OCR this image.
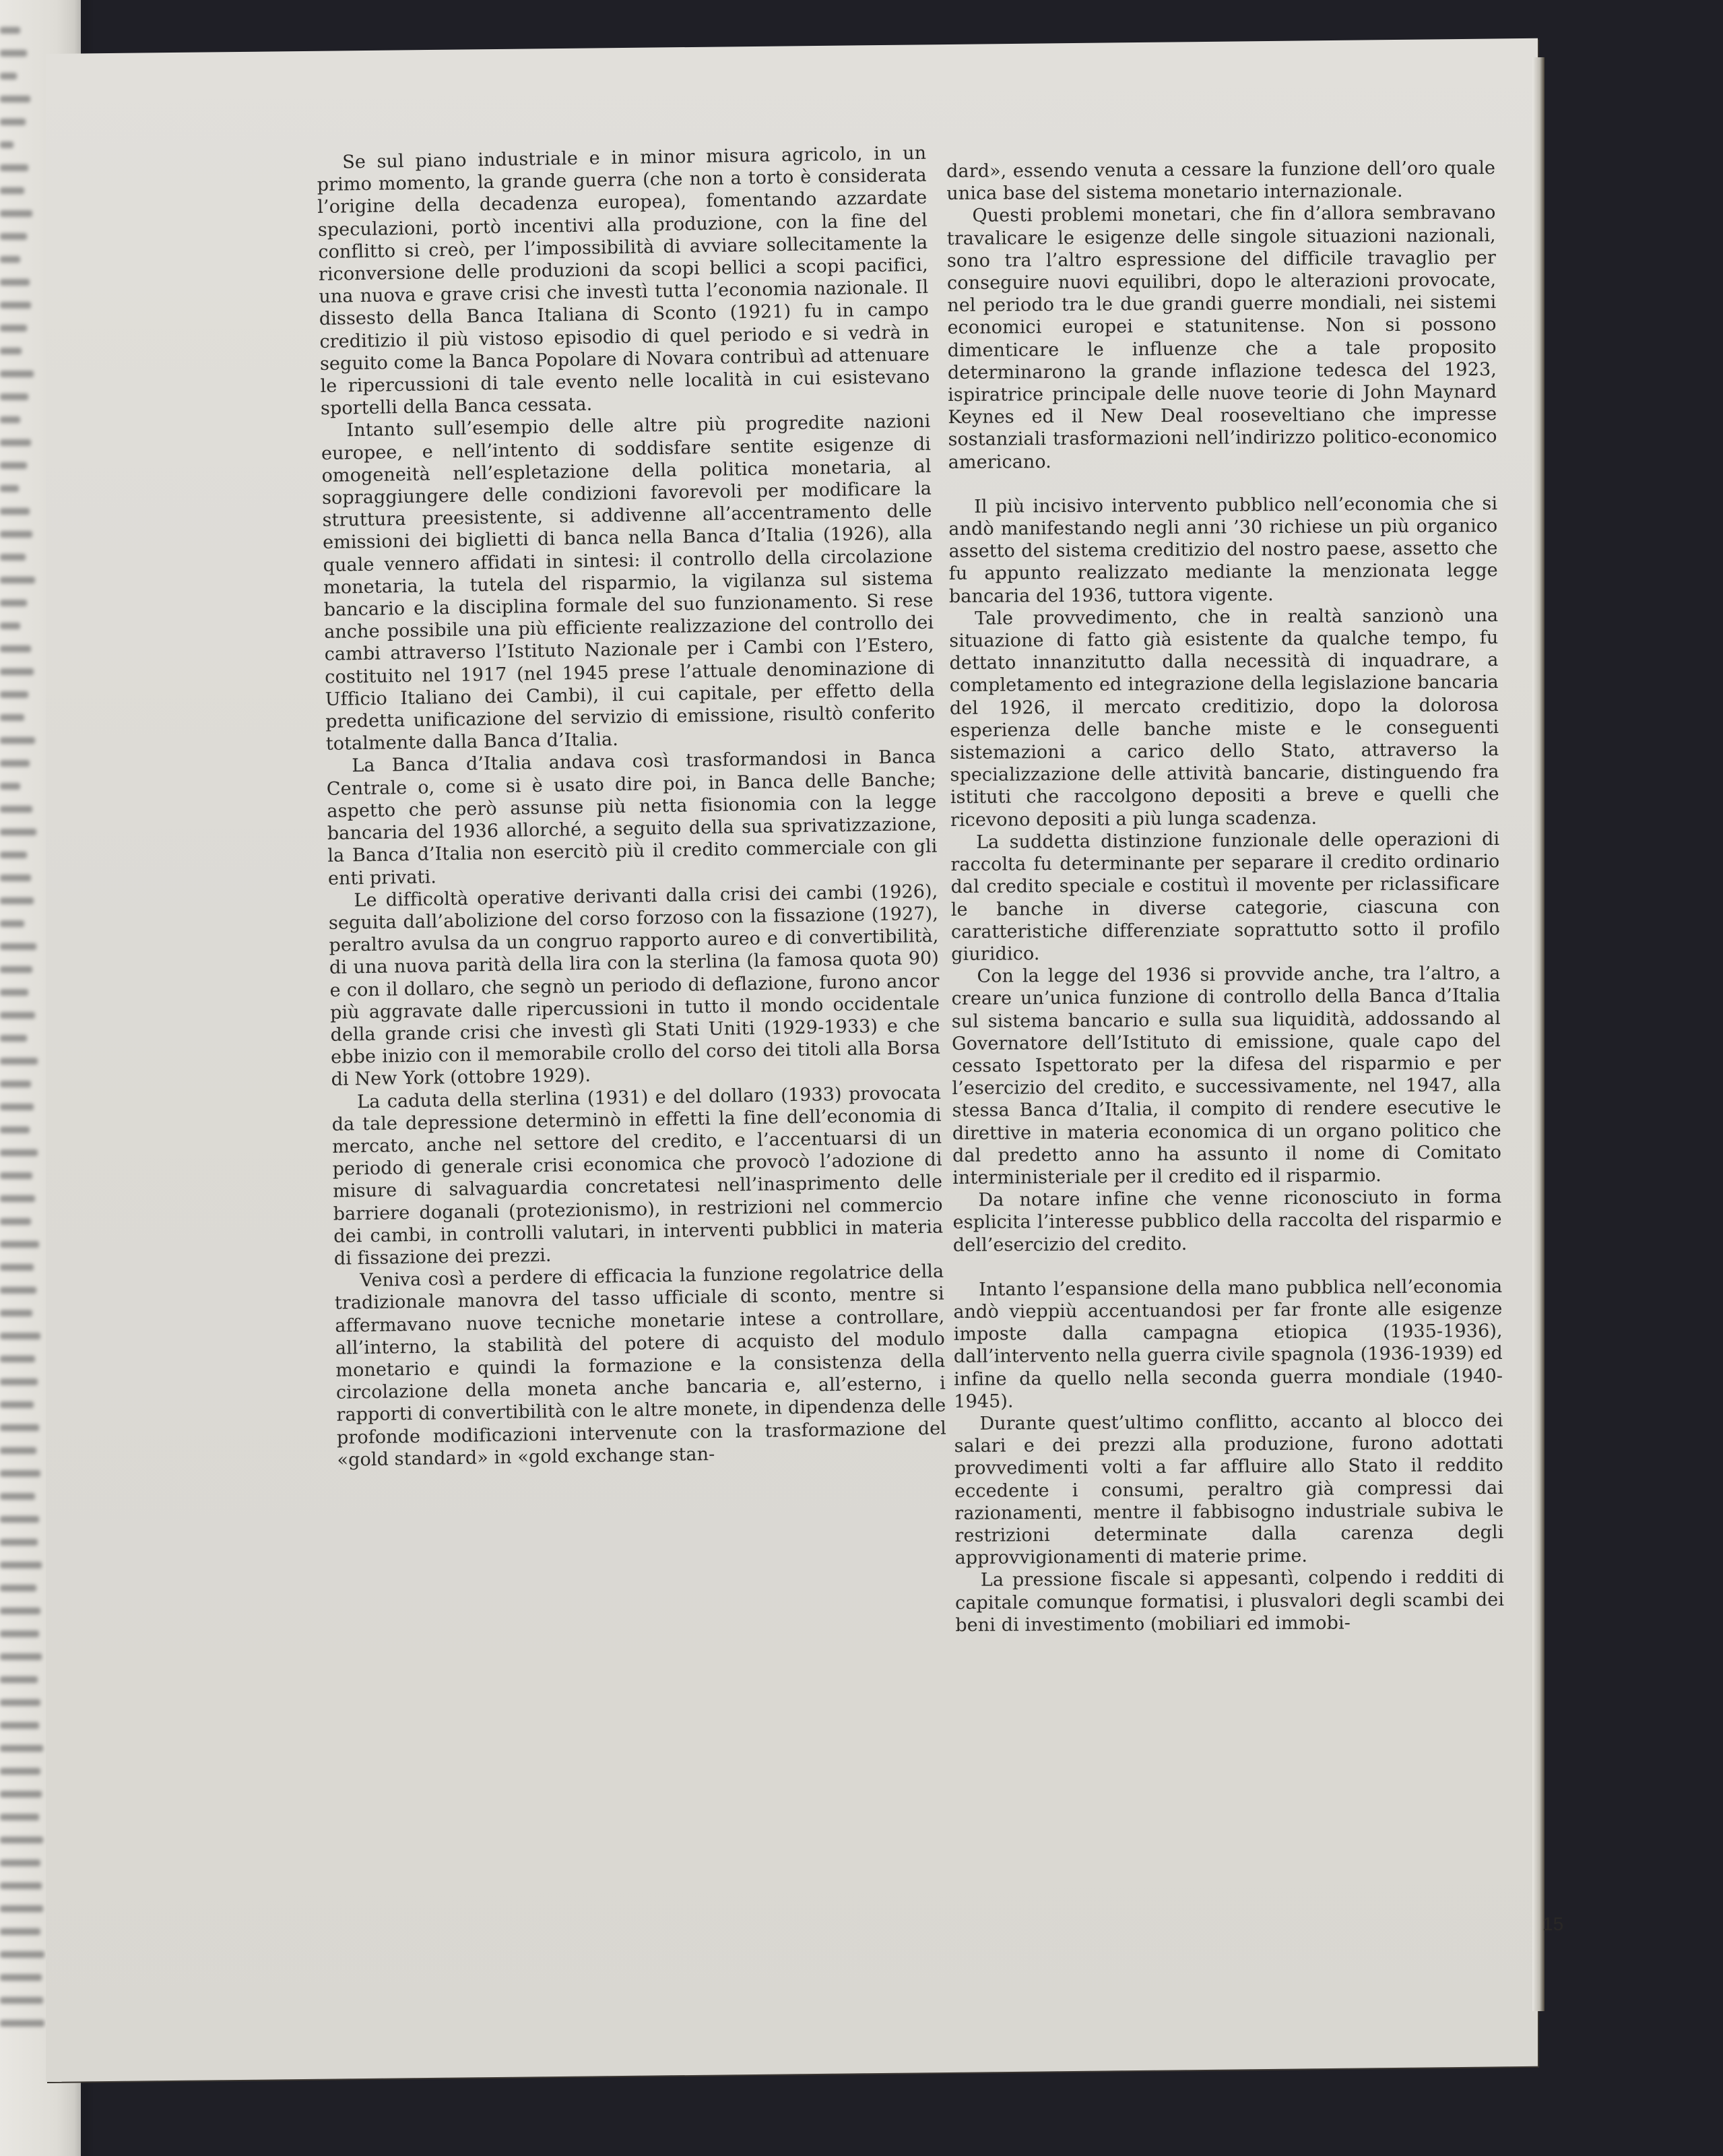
Se sul piano industriale e in minor misura agricolo, in un primo momento, la grande guerra (che non a torto è considerata l’origine della decadenza europea), fomentando azzardate speculazioni, portò incentivi alla produzione, con la fine del conflitto si creò, per l’impossibilità di avviare sollecitamente la riconversione delle produzioni da scopi bellici a scopi pacifici, una nuova e grave crisi che investì tutta l’economia nazionale. Il dissesto della Banca Italiana di Sconto (1921) fu in campo creditizio il più vistoso episodio di quel periodo e si vedrà in seguito come la Banca Popolare di Novara contribuì ad attenuare le ripercussioni di tale evento nelle località in cui esistevano sportelli della Banca cessata.

Intanto sull’esempio delle altre più progredite nazioni europee, e nell’intento di soddisfare sentite esigenze di omogeneità nell’espletazione della politica monetaria, al sopraggiungere delle condizioni favorevoli per modificare la struttura preesistente, si addivenne all’accentramento delle emissioni dei biglietti di banca nella Banca d’Italia (1926), alla quale vennero affidati in sintesi: il controllo della circolazione monetaria, la tutela del risparmio, la vigilanza sul sistema bancario e la disciplina formale del suo funzionamento. Si rese anche possibile una più efficiente realizzazione del controllo dei cambi attraverso l’Istituto Nazionale per i Cambi con l’Estero, costituito nel 1917 (nel 1945 prese l’attuale denominazione di Ufficio Italiano dei Cambi), il cui capitale, per effetto della predetta unificazione del servizio di emissione, risultò conferito totalmente dalla Banca d’Italia.

La Banca d’Italia andava così trasformandosi in Banca Centrale o, come si è usato dire poi, in Banca delle Banche; aspetto che però assunse più netta fisionomia con la legge bancaria del 1936 allorché, a seguito della sua sprivatizzazione, la Banca d’Italia non esercitò più il credito commerciale con gli enti privati.

Le difficoltà operative derivanti dalla crisi dei cambi (1926), seguita dall’abolizione del corso forzoso con la fissazione (1927), peraltro avulsa da un congruo rapporto aureo e di convertibilità, di una nuova parità della lira con la sterlina (la famosa quota 90) e con il dollaro, che segnò un periodo di deflazione, furono ancor più aggravate dalle ripercussioni in tutto il mondo occidentale della grande crisi che investì gli Stati Uniti (1929-1933) e che ebbe inizio con il memorabile crollo del corso dei titoli alla Borsa di New York (ottobre 1929).

La caduta della sterlina (1931) e del dollaro (1933) provocata da tale depressione determinò in effetti la fine dell’economia di mercato, anche nel settore del credito, e l’accentuarsi di un periodo di generale crisi economica che provocò l’adozione di misure di salvaguardia concretatesi nell’inasprimento delle barriere doganali (protezionismo), in restrizioni nel commercio dei cambi, in controlli valutari, in interventi pubblici in materia di fissazione dei prezzi.

Veniva così a perdere di efficacia la funzione regolatrice della tradizionale manovra del tasso ufficiale di sconto, mentre si affermavano nuove tecniche monetarie intese a controllare, all’interno, la stabilità del potere di acquisto del modulo monetario e quindi la formazione e la consistenza della circolazione della moneta anche bancaria e, all’esterno, i rapporti di convertibilità con le altre monete, in dipendenza delle profonde modificazioni intervenute con la trasformazione del «gold standard» in «gold exchange stan-

dard», essendo venuta a cessare la funzione dell’oro quale unica base del sistema monetario internazionale.

Questi problemi monetari, che fin d’allora sembravano travalicare le esigenze delle singole situazioni nazionali, sono tra l’altro espressione del difficile travaglio per conseguire nuovi equilibri, dopo le alterazioni provocate, nel periodo tra le due grandi guerre mondiali, nei sistemi economici europei e statunitense. Non si possono dimenticare le influenze che a tale proposito determinarono la grande inflazione tedesca del 1923, ispiratrice principale delle nuove teorie di John Maynard Keynes ed il New Deal rooseveltiano che impresse sostanziali trasformazioni nell’indirizzo politico-economico americano.

Il più incisivo intervento pubblico nell’economia che si andò manifestando negli anni ’30 richiese un più organico assetto del sistema creditizio del nostro paese, assetto che fu appunto realizzato mediante la menzionata legge bancaria del 1936, tuttora vigente.

Tale provvedimento, che in realtà sanzionò una situazione di fatto già esistente da qualche tempo, fu dettato innanzitutto dalla necessità di inquadrare, a completamento ed integrazione della legislazione bancaria del 1926, il mercato creditizio, dopo la dolorosa esperienza delle banche miste e le conseguenti sistemazioni a carico dello Stato, attraverso la specializzazione delle attività bancarie, distinguendo fra istituti che raccolgono depositi a breve e quelli che ricevono depositi a più lunga scadenza.

La suddetta distinzione funzionale delle operazioni di raccolta fu determinante per separare il credito ordinario dal credito speciale e costituì il movente per riclassificare le banche in diverse categorie, ciascuna con caratteristiche differenziate soprattutto sotto il profilo giuridico.

Con la legge del 1936 si provvide anche, tra l’altro, a creare un’unica funzione di controllo della Banca d’Italia sul sistema bancario e sulla sua liquidità, addossando al Governatore dell’Istituto di emissione, quale capo del cessato Ispettorato per la difesa del risparmio e per l’esercizio del credito, e successivamente, nel 1947, alla stessa Banca d’Italia, il compito di rendere esecutive le direttive in materia economica di un organo politico che dal predetto anno ha assunto il nome di Comitato interministeriale per il credito ed il risparmio.

Da notare infine che venne riconosciuto in forma esplicita l’interesse pubblico della raccolta del risparmio e dell’esercizio del credito.

Intanto l’espansione della mano pubblica nell’economia andò vieppiù accentuandosi per far fronte alle esigenze imposte dalla campagna etiopica (1935-1936), dall’intervento nella guerra civile spagnola (1936-1939) ed infine da quello nella seconda guerra mondiale (1940-1945).

Durante quest’ultimo conflitto, accanto al blocco dei salari e dei prezzi alla produzione, furono adottati provvedimenti volti a far affluire allo Stato il reddito eccedente i consumi, peraltro già compressi dai razionamenti, mentre il fabbisogno industriale subiva le restrizioni determinate dalla carenza degli approvvigionamenti di materie prime.

La pressione fiscale si appesantì, colpendo i redditi di capitale comunque formatisi, i plusvalori degli scambi dei beni di investimento (mobiliari ed immobi-

15
